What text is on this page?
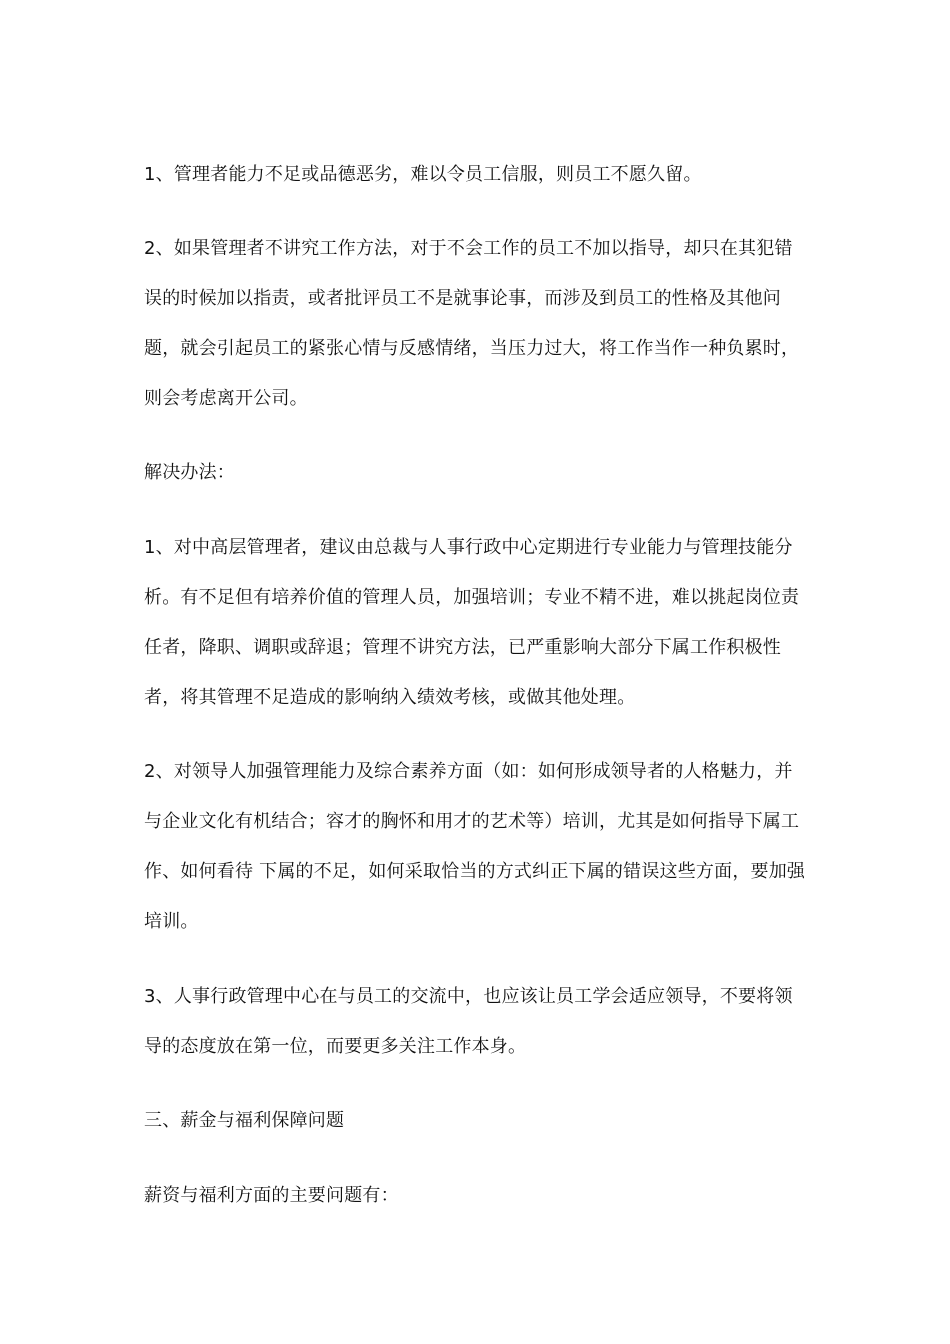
1、管理者能力不足或品德恶劣，难以令员工信服，则员工不愿久留。

2、如果管理者不讲究工作方法，对于不会工作的员工不加以指导，却只在其犯错误的时候加以指责，或者批评员工不是就事论事，而涉及到员工的性格及其他问题，就会引起员工的紧张心情与反感情绪，当压力过大，将工作当作一种负累时，则会考虑离开公司。

解决办法：

1、对中高层管理者，建议由总裁与人事行政中心定期进行专业能力与管理技能分析。有不足但有培养价值的管理人员，加强培训；专业不精不进，难以挑起岗位责任者，降职、调职或辞退；管理不讲究方法，已严重影响大部分下属工作积极性者，将其管理不足造成的影响纳入绩效考核，或做其他处理。

2、对领导人加强管理能力及综合素养方面（如：如何形成领导者的人格魅力，并与企业文化有机结合；容才的胸怀和用才的艺术等）培训，尤其是如何指导下属工作、如何看待 下属的不足，如何采取恰当的方式纠正下属的错误这些方面，要加强培训。

3、人事行政管理中心在与员工的交流中，也应该让员工学会适应领导，不要将领导的态度放在第一位，而要更多关注工作本身。

三、薪金与福利保障问题

薪资与福利方面的主要问题有：
